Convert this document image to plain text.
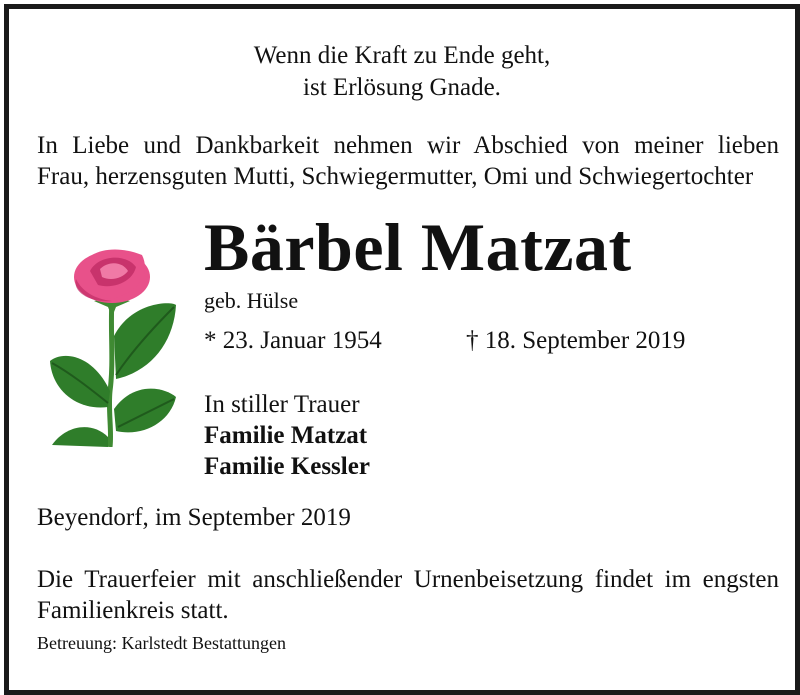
Wenn die Kraft zu Ende geht,
ist Erlösung Gnade.
In Liebe und Dankbarkeit nehmen wir Abschied von meiner lieben
Frau, herzensguten Mutti, Schwiegermutter, Omi und Schwiegertochter
Bärbel Matzat
geb. Hülse
* 23. Januar 1954	† 18. September 2019
In stiller Trauer
Familie Matzat
Familie Kessler
Beyendorf, im September 2019
Die Trauerfeier mit anschließender Urnenbeisetzung findet im engsten
Familienkreis statt.
Betreuung: Karlstedt Bestattungen
